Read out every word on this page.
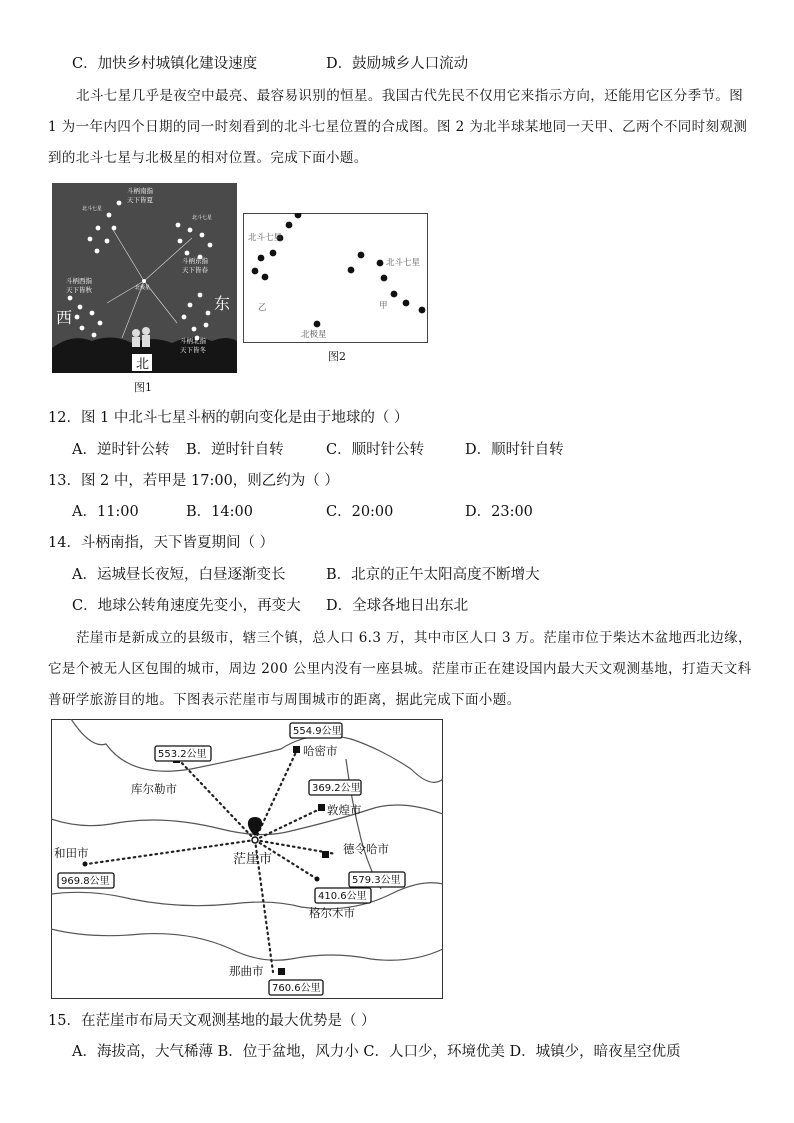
C．加快乡村城镇化建设速度	D．鼓励城乡人口流动
北斗七星几乎是夜空中最亮、最容易识别的恒星。我国古代先民不仅用它来指示方向，还能用它区分季节。图
1 为一年内四个日期的同一时刻看到的北斗七星位置的合成图。图 2 为北半球某地同一天甲、乙两个不同时刻观测
到的北斗七星与北极星的相对位置。完成下面小题。
斗柄南指
天下皆夏
斗柄东指
天下皆春
斗柄西指
天下皆秋
斗柄北指
天下皆冬
北斗七星
北斗七星
北极星
西
东
北
图1
北斗七星
北斗七星
乙	甲
北极星
图2
12．图 1 中北斗七星斗柄的朝向变化是由于地球的（ ）
A．逆时针公转 B．逆时针自转	C．顺时针公转	D．顺时针自转
13．图 2 中，若甲是 17:00，则乙约为（ ）
A．11:00	B．14:00	C．20:00	D．23:00
14．斗柄南指，天下皆夏期间（ ）
A．运城昼长夜短，白昼逐渐变长	B．北京的正午太阳高度不断增大
C．地球公转角速度先变小，再变大 D．全球各地日出东北
茫崖市是新成立的县级市，辖三个镇，总人口 6.3 万，其中市区人口 3 万。茫崖市位于柴达木盆地西北边缘，
它是个被无人区包围的城市，周边 200 公里内没有一座县城。茫崖市正在建设国内最大天文观测基地，打造天文科
普研学旅游目的地。下图表示茫崖市与周围城市的距离，据此完成下面小题。
茫崖市
553.2公里
554.9公里
369.2公里
969.8公里	579.3公里
410.6公里
760.6公里
库尔勒市
哈密市
敦煌市
和田市	德令哈市
格尔木市
那曲市
15．在茫崖市布局天文观测基地的最大优势是（ ）
A．海拔高，大气稀薄 B．位于盆地，风力小 C．人口少，环境优美 D．城镇少，暗夜星空优质
